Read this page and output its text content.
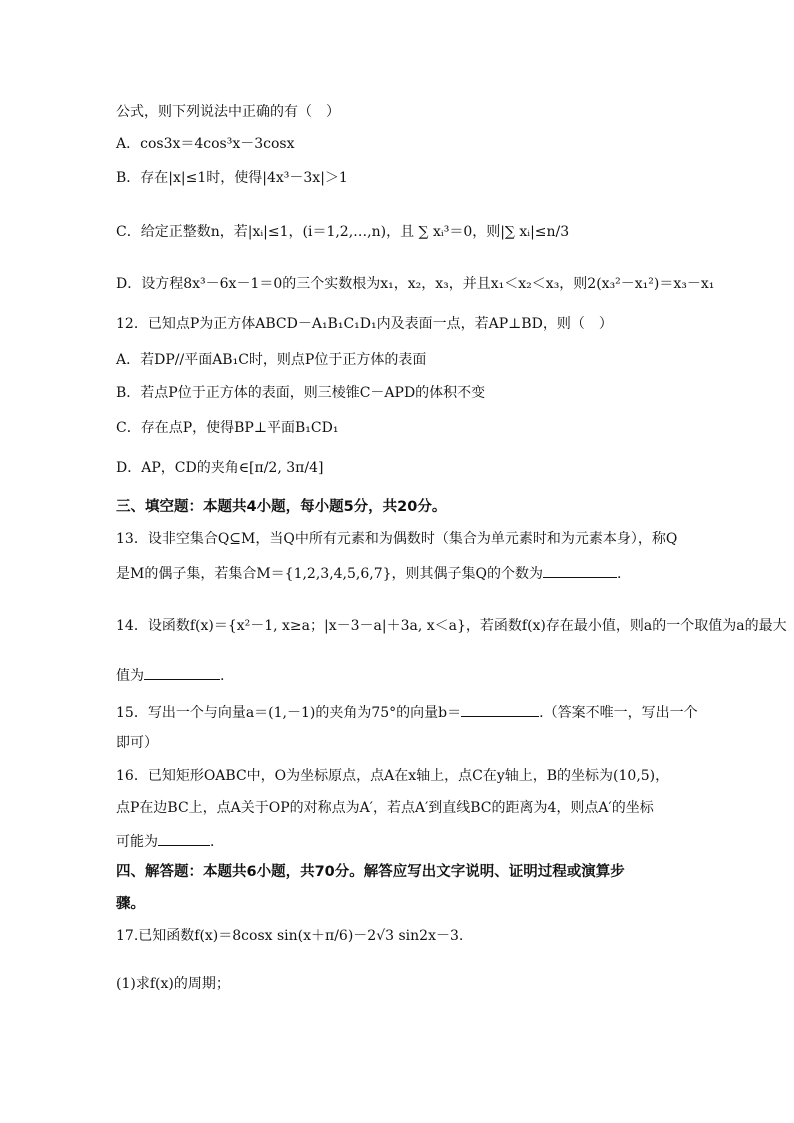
公式，则下列说法中正确的有（　）
A．cos3x＝4cos³x－3cosx
B．存在|x|≤1时，使得|4x³－3x|＞1
C．给定正整数n，若|xᵢ|≤1，(i＝1,2,…,n)，且 ∑ xᵢ³＝0，则|∑ xᵢ|≤n/3
D．设方程8x³－6x－1＝0的三个实数根为x₁，x₂，x₃，并且x₁＜x₂＜x₃，则2(x₃²－x₁²)＝x₃－x₁
12．已知点P为正方体ABCD－A₁B₁C₁D₁内及表面一点，若AP⊥BD，则（　）
A．若DP//平面AB₁C时，则点P位于正方体的表面
B．若点P位于正方体的表面，则三棱锥C－APD的体积不变
C．存在点P，使得BP⊥平面B₁CD₁
D．AP，CD的夹角∈[π/2, 3π/4]
三、填空题：本题共4小题，每小题5分，共20分。
13．设非空集合Q⊆M，当Q中所有元素和为偶数时（集合为单元素时和为元素本身），称Q
是M的偶子集，若集合M＝{1,2,3,4,5,6,7}，则其偶子集Q的个数为	.
14．设函数f(x)＝{x²－1, x≥a；|x－3－a|＋3a, x＜a}，若函数f(x)存在最小值，则a的一个取值为a的最大
值为	.
15．写出一个与向量a＝(1,－1)的夹角为75°的向量b＝	.（答案不唯一，写出一个
即可）
16．已知矩形OABC中，O为坐标原点，点A在x轴上，点C在y轴上，B的坐标为(10,5)，
点P在边BC上，点A关于OP的对称点为A′，若点A′到直线BC的距离为4，则点A′的坐标
可能为	．
四、解答题：本题共6小题，共70分。解答应写出文字说明、证明过程或演算步
骤。
17.已知函数f(x)＝8cosx sin(x＋π/6)－2√3 sin2x－3.
(1)求f(x)的周期；
